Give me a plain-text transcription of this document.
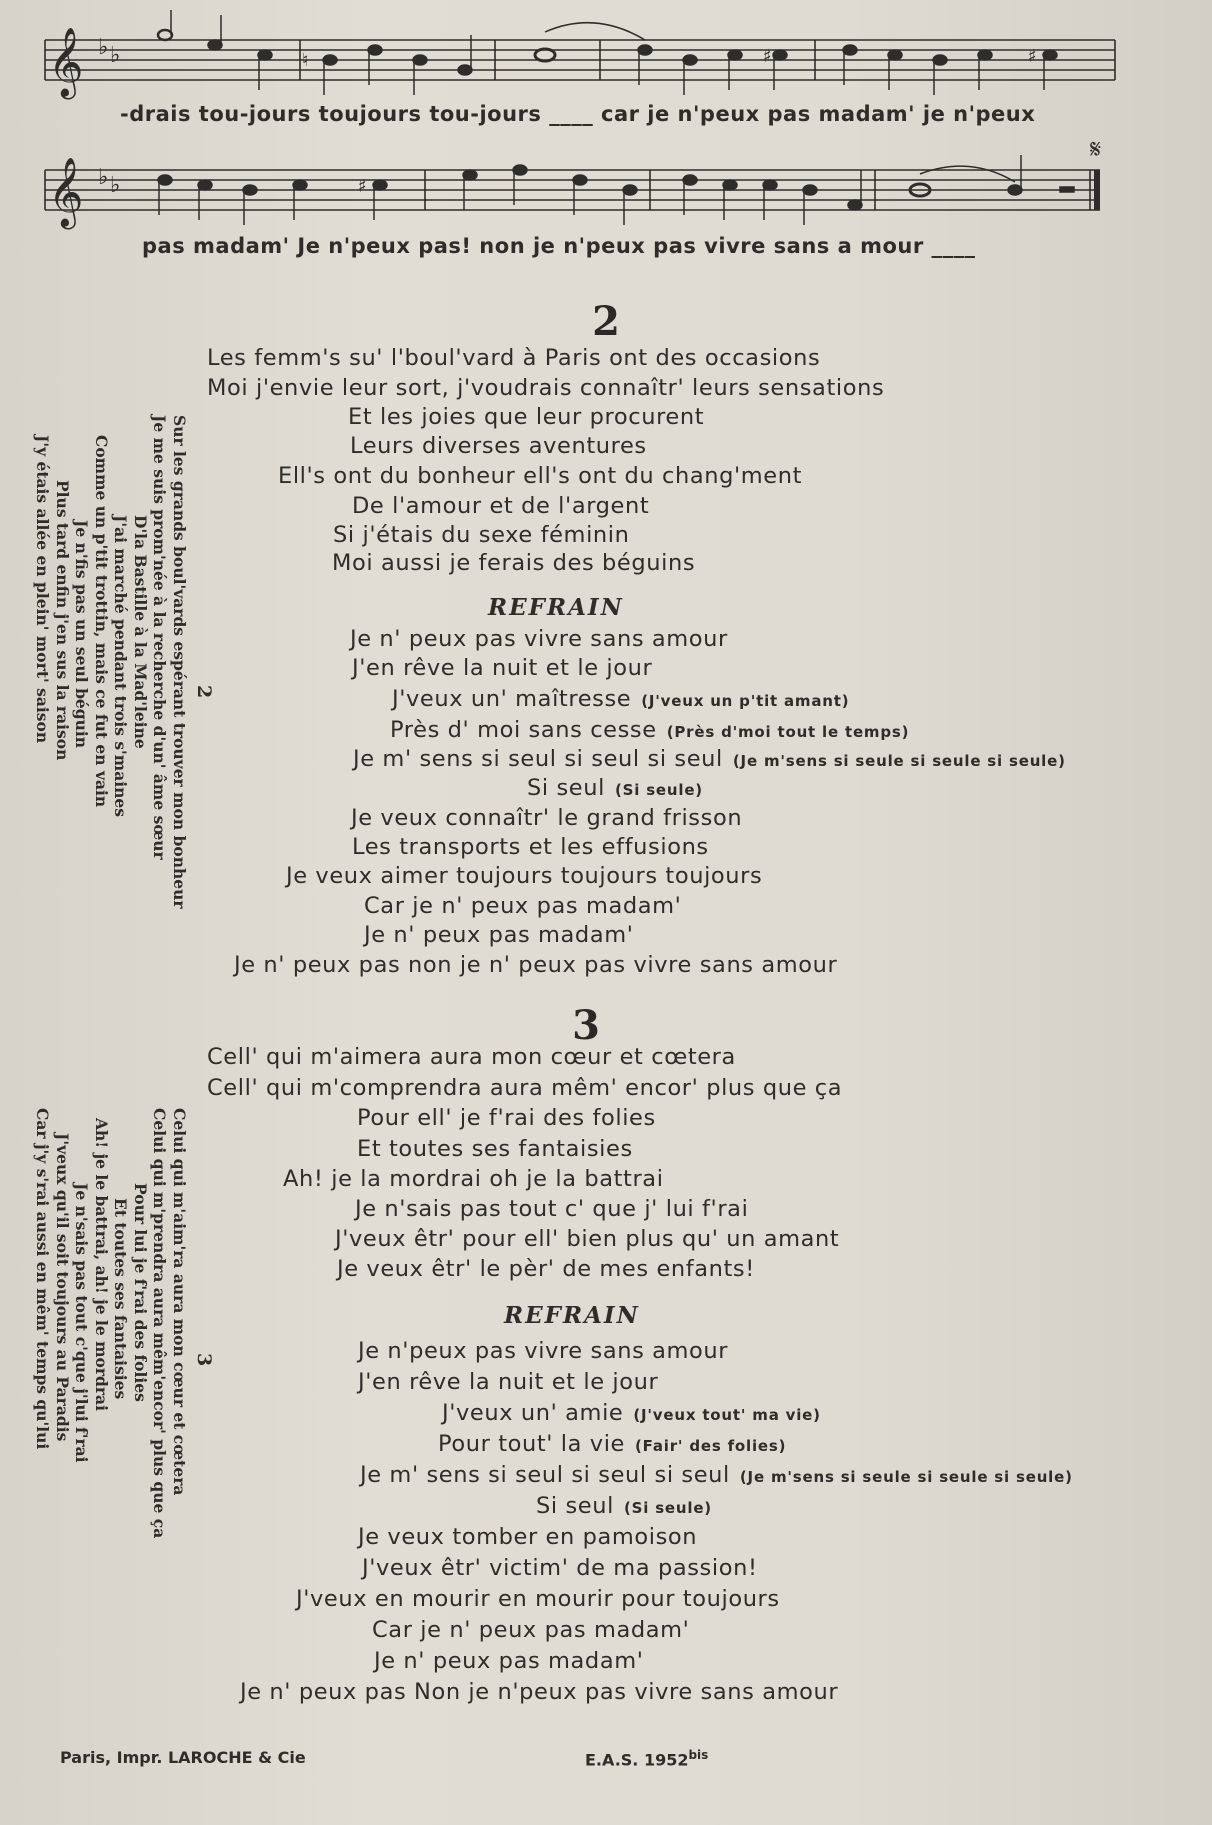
𝄞 ♭ ♭	♮	♯	♯
-drais tou-jours toujours tou-jours ____ car je n'peux pas madam' je n'peux
𝄞 ♭ ♭
𝄋
♯
pas madam' Je n'peux pas! non je n'peux pas vivre sans a mour ____
2
Les femm's su' l'boul'vard à Paris ont des occasions
Moi j'envie leur sort, j'voudrais connaîtr' leurs sensations
Et les joies que leur procurent
Leurs diverses aventures
Ell's ont du bonheur ell's ont du chang'ment
De l'amour et de l'argent
Si j'étais du sexe féminin
Moi aussi je ferais des béguins
REFRAIN
Je n' peux pas vivre sans amour
J'en rêve la nuit et le jour
J'veux un' maîtresse (J'veux un p'tit amant)
Près d' moi sans cesse (Près d'moi tout le temps)
Je m' sens si seul si seul si seul (Je m'sens si seule si seule si seule)
Si seul (Si seule)
Je veux connaîtr' le grand frisson
Les transports et les effusions
Je veux aimer toujours toujours toujours
Car je n' peux pas madam'
Je n' peux pas madam'
Je n' peux pas non je n' peux pas vivre sans amour
3
Cell' qui m'aimera aura mon cœur et cœtera
Cell' qui m'comprendra aura mêm' encor' plus que ça
Pour ell' je f'rai des folies
Et toutes ses fantaisies
Ah! je la mordrai oh je la battrai
Je n'sais pas tout c' que j' lui f'rai
J'veux êtr' pour ell' bien plus qu' un amant
Je veux êtr' le pèr' de mes enfants!
REFRAIN
Je n'peux pas vivre sans amour
J'en rêve la nuit et le jour
J'veux un' amie (J'veux tout' ma vie)
Pour tout' la vie (Fair' des folies)
Je m' sens si seul si seul si seul (Je m'sens si seule si seule si seule)
Si seul (Si seule)
Je veux tomber en pamoison
J'veux êtr' victim' de ma passion!
J'veux en mourir en mourir pour toujours
Car je n' peux pas madam'
Je n' peux pas madam'
Je n' peux pas Non je n'peux pas vivre sans amour
2
Sur les grands boul'vards espérant trouver mon bonheur
Je me suis prom'née à la recherche d'un' âme sœur
D'la Bastille à la Mad'leine
J'ai marché pendant trois s'maines
Comme un p'tit trottin, mais ce fut en vain
Je n'fis pas un seul béguin
Plus tard enfin j'en sus la raison
J'y étais allée en plein' mort' saison
3
Celui qui m'aim'ra aura mon cœur et cœtera
Celui qui m'prendra aura mêm'encor' plus que ça
Pour lui je f'rai des folies
Et toutes ses fantaisies
Ah! je le battrai, ah! je le mordrai
Je n'sais pas tout c'que j'lui f'rai
J'veux qu'il soit toujours au Paradis
Car j'y s'rai aussi en mêm' temps qu'lui
Paris, Impr. LAROCHE & Cie	E.A.S. $1952^{bis}$
